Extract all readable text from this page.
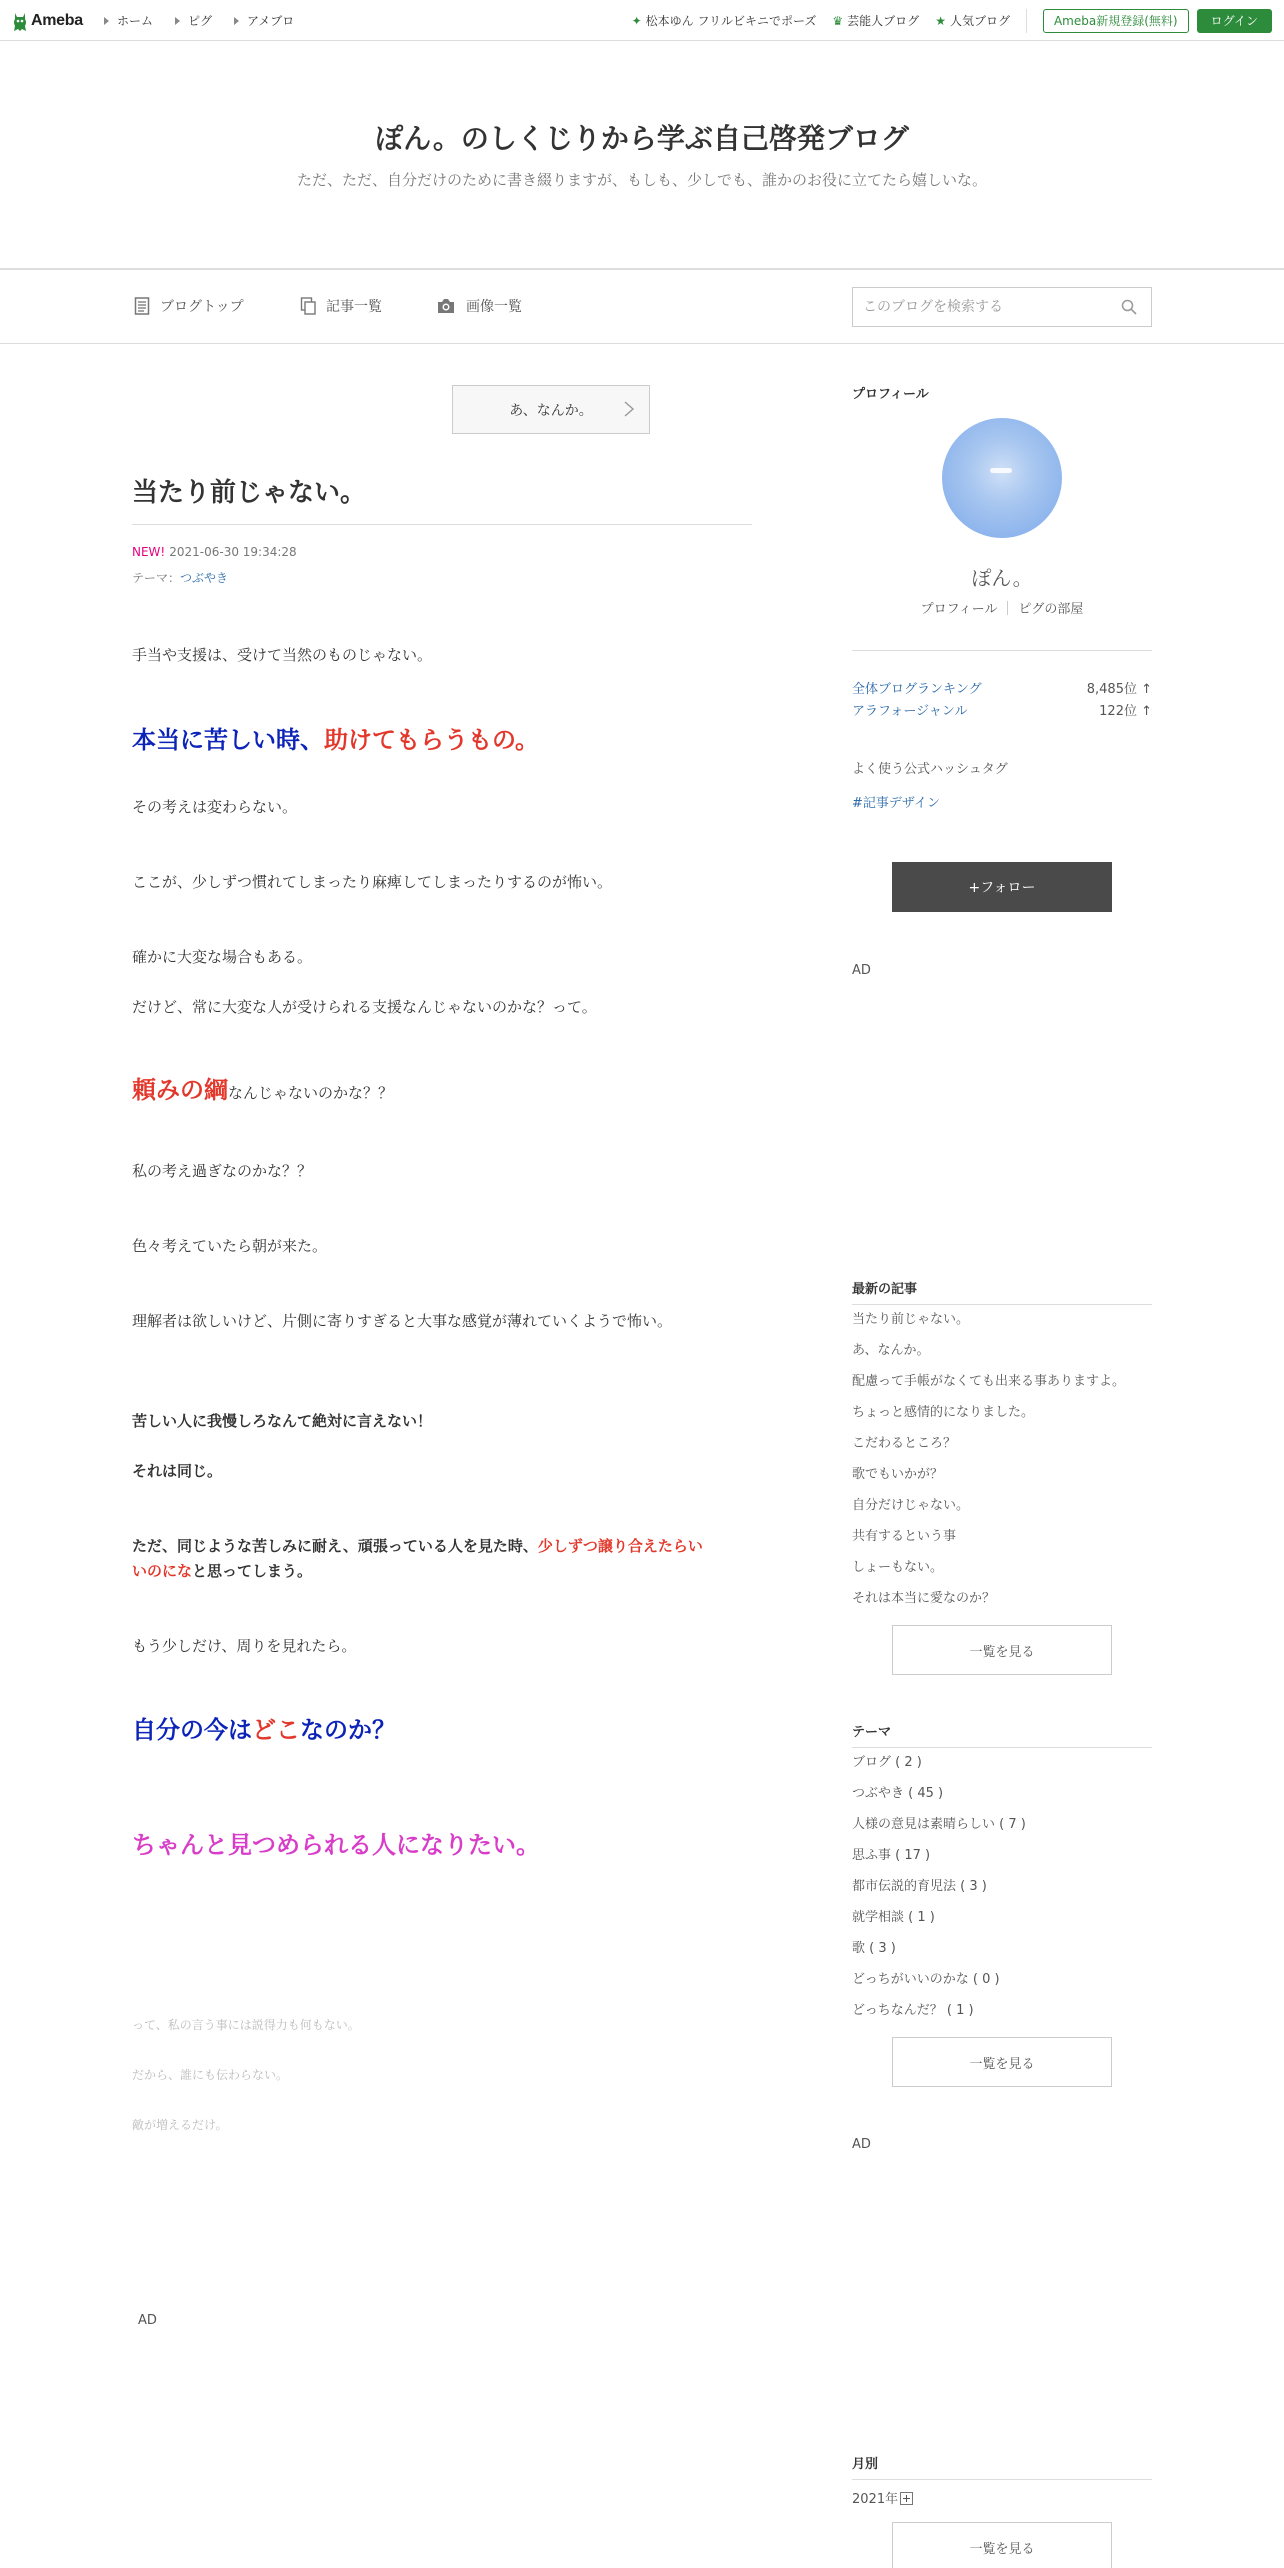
Ameba	ホーム	ピグ	アメブロ	✦ 松本ゆん フリルビキニでポーズ ♛ 芸能人ブログ ★ 人気ブログ	Ameba新規登録(無料)	ログイン
ぽん。のしくじりから学ぶ自己啓発ブログ
ただ、ただ、自分だけのために書き綴りますが、もしも、少しでも、誰かのお役に立てたら嬉しいな。
ブログトップ	記事一覧	画像一覧
このブログを検索する
あ、なんか。
当たり前じゃない。
NEW! 2021-06-30 19:34:28
テーマ：つぶやき
手当や支援は、受けて当然のものじゃない。
本当に苦しい時、助けてもらうもの。
その考えは変わらない。
ここが、少しずつ慣れてしまったり麻痺してしまったりするのが怖い。
確かに大変な場合もある。
だけど、常に大変な人が受けられる支援なんじゃないのかな？って。
頼みの綱なんじゃないのかな？？
私の考え過ぎなのかな？？
色々考えていたら朝が来た。
理解者は欲しいけど、片側に寄りすぎると大事な感覚が薄れていくようで怖い。
苦しい人に我慢しろなんて絶対に言えない！
それは同じ。
ただ、同じような苦しみに耐え、頑張っている人を見た時、少しずつ譲り合えたらい
いのになと思ってしまう。
もう少しだけ、周りを見れたら。
自分の今はどこなのか？
ちゃんと見つめられる人になりたい。
って、私の言う事には説得力も何もない。
だから、誰にも伝わらない。
敵が増えるだけ。
AD
プロフィール
ぽん。
プロフィール ピグの部屋
全体ブログランキング	8,485位 ↑
アラフォージャンル	122位 ↑
よく使う公式ハッシュタグ
#記事デザイン
+フォロー
AD
最新の記事
当たり前じゃない。
あ、なんか。
配慮って手帳がなくても出来る事ありますよ。
ちょっと感情的になりました。
こだわるところ？
歌でもいかが？
自分だけじゃない。
共有するという事
しょーもない。
それは本当に愛なのか？
一覧を見る
テーマ
ブログ ( 2 )
つぶやき ( 45 )
人様の意見は素晴らしい ( 7 )
思ふ事 ( 17 )
都市伝説的育児法 ( 3 )
就学相談 ( 1 )
歌 ( 3 )
どっちがいいのかな ( 0 )
どっちなんだ？ ( 1 )
一覧を見る
AD
月別
2021年
一覧を見る
